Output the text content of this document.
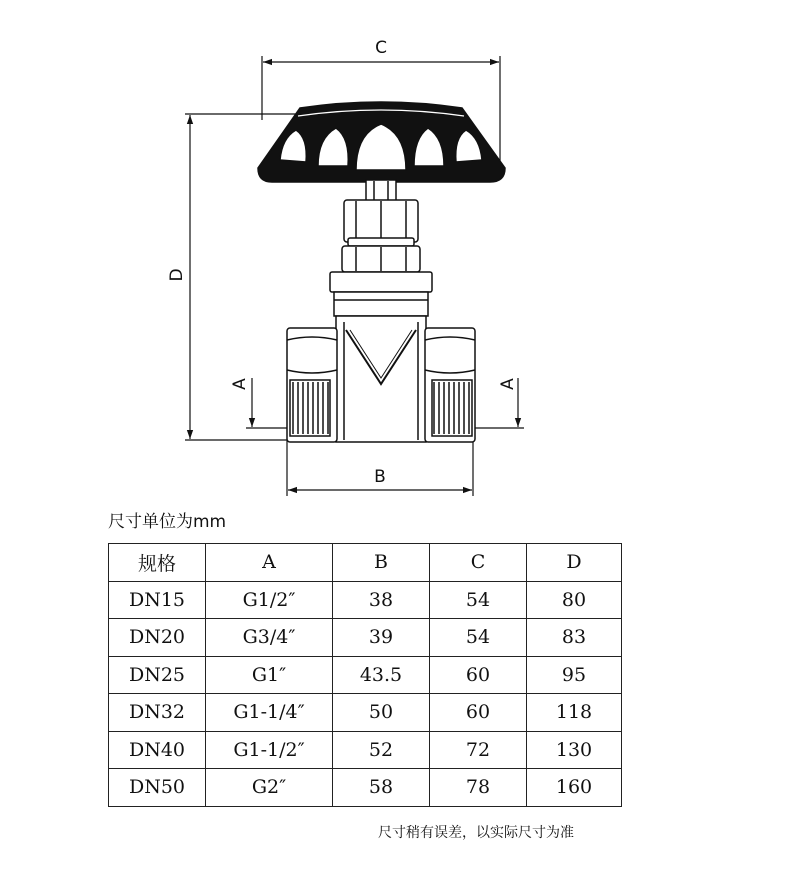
C
D
B
A	A
尺寸单位为mm
规格	A	B	C	D
DN15	G1/2″	38	54	80
DN20	G3/4″	39	54	83
DN25	G1″	43.5	60	95
DN32	G1-1/4″	50	60	118
DN40	G1-1/2″	52	72	130
DN50	G2″	58	78	160
尺寸稍有误差，以实际尺寸为准
